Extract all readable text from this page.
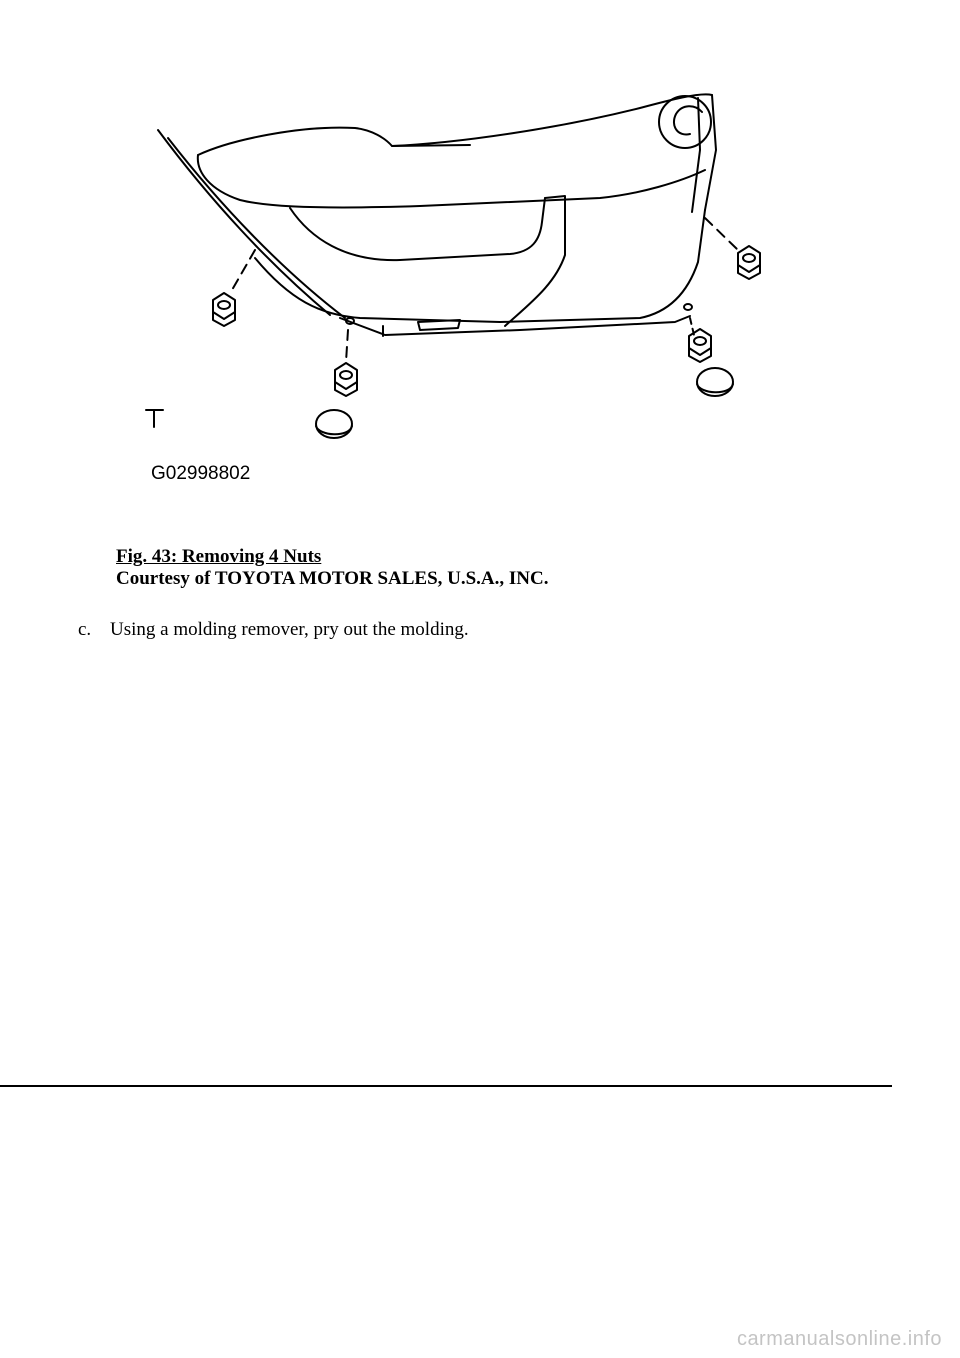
G02998802
Fig. 43: Removing 4 Nuts
Courtesy of TOYOTA MOTOR SALES, U.S.A., INC.
c. Using a molding remover, pry out the molding.
carmanualsonline.info
